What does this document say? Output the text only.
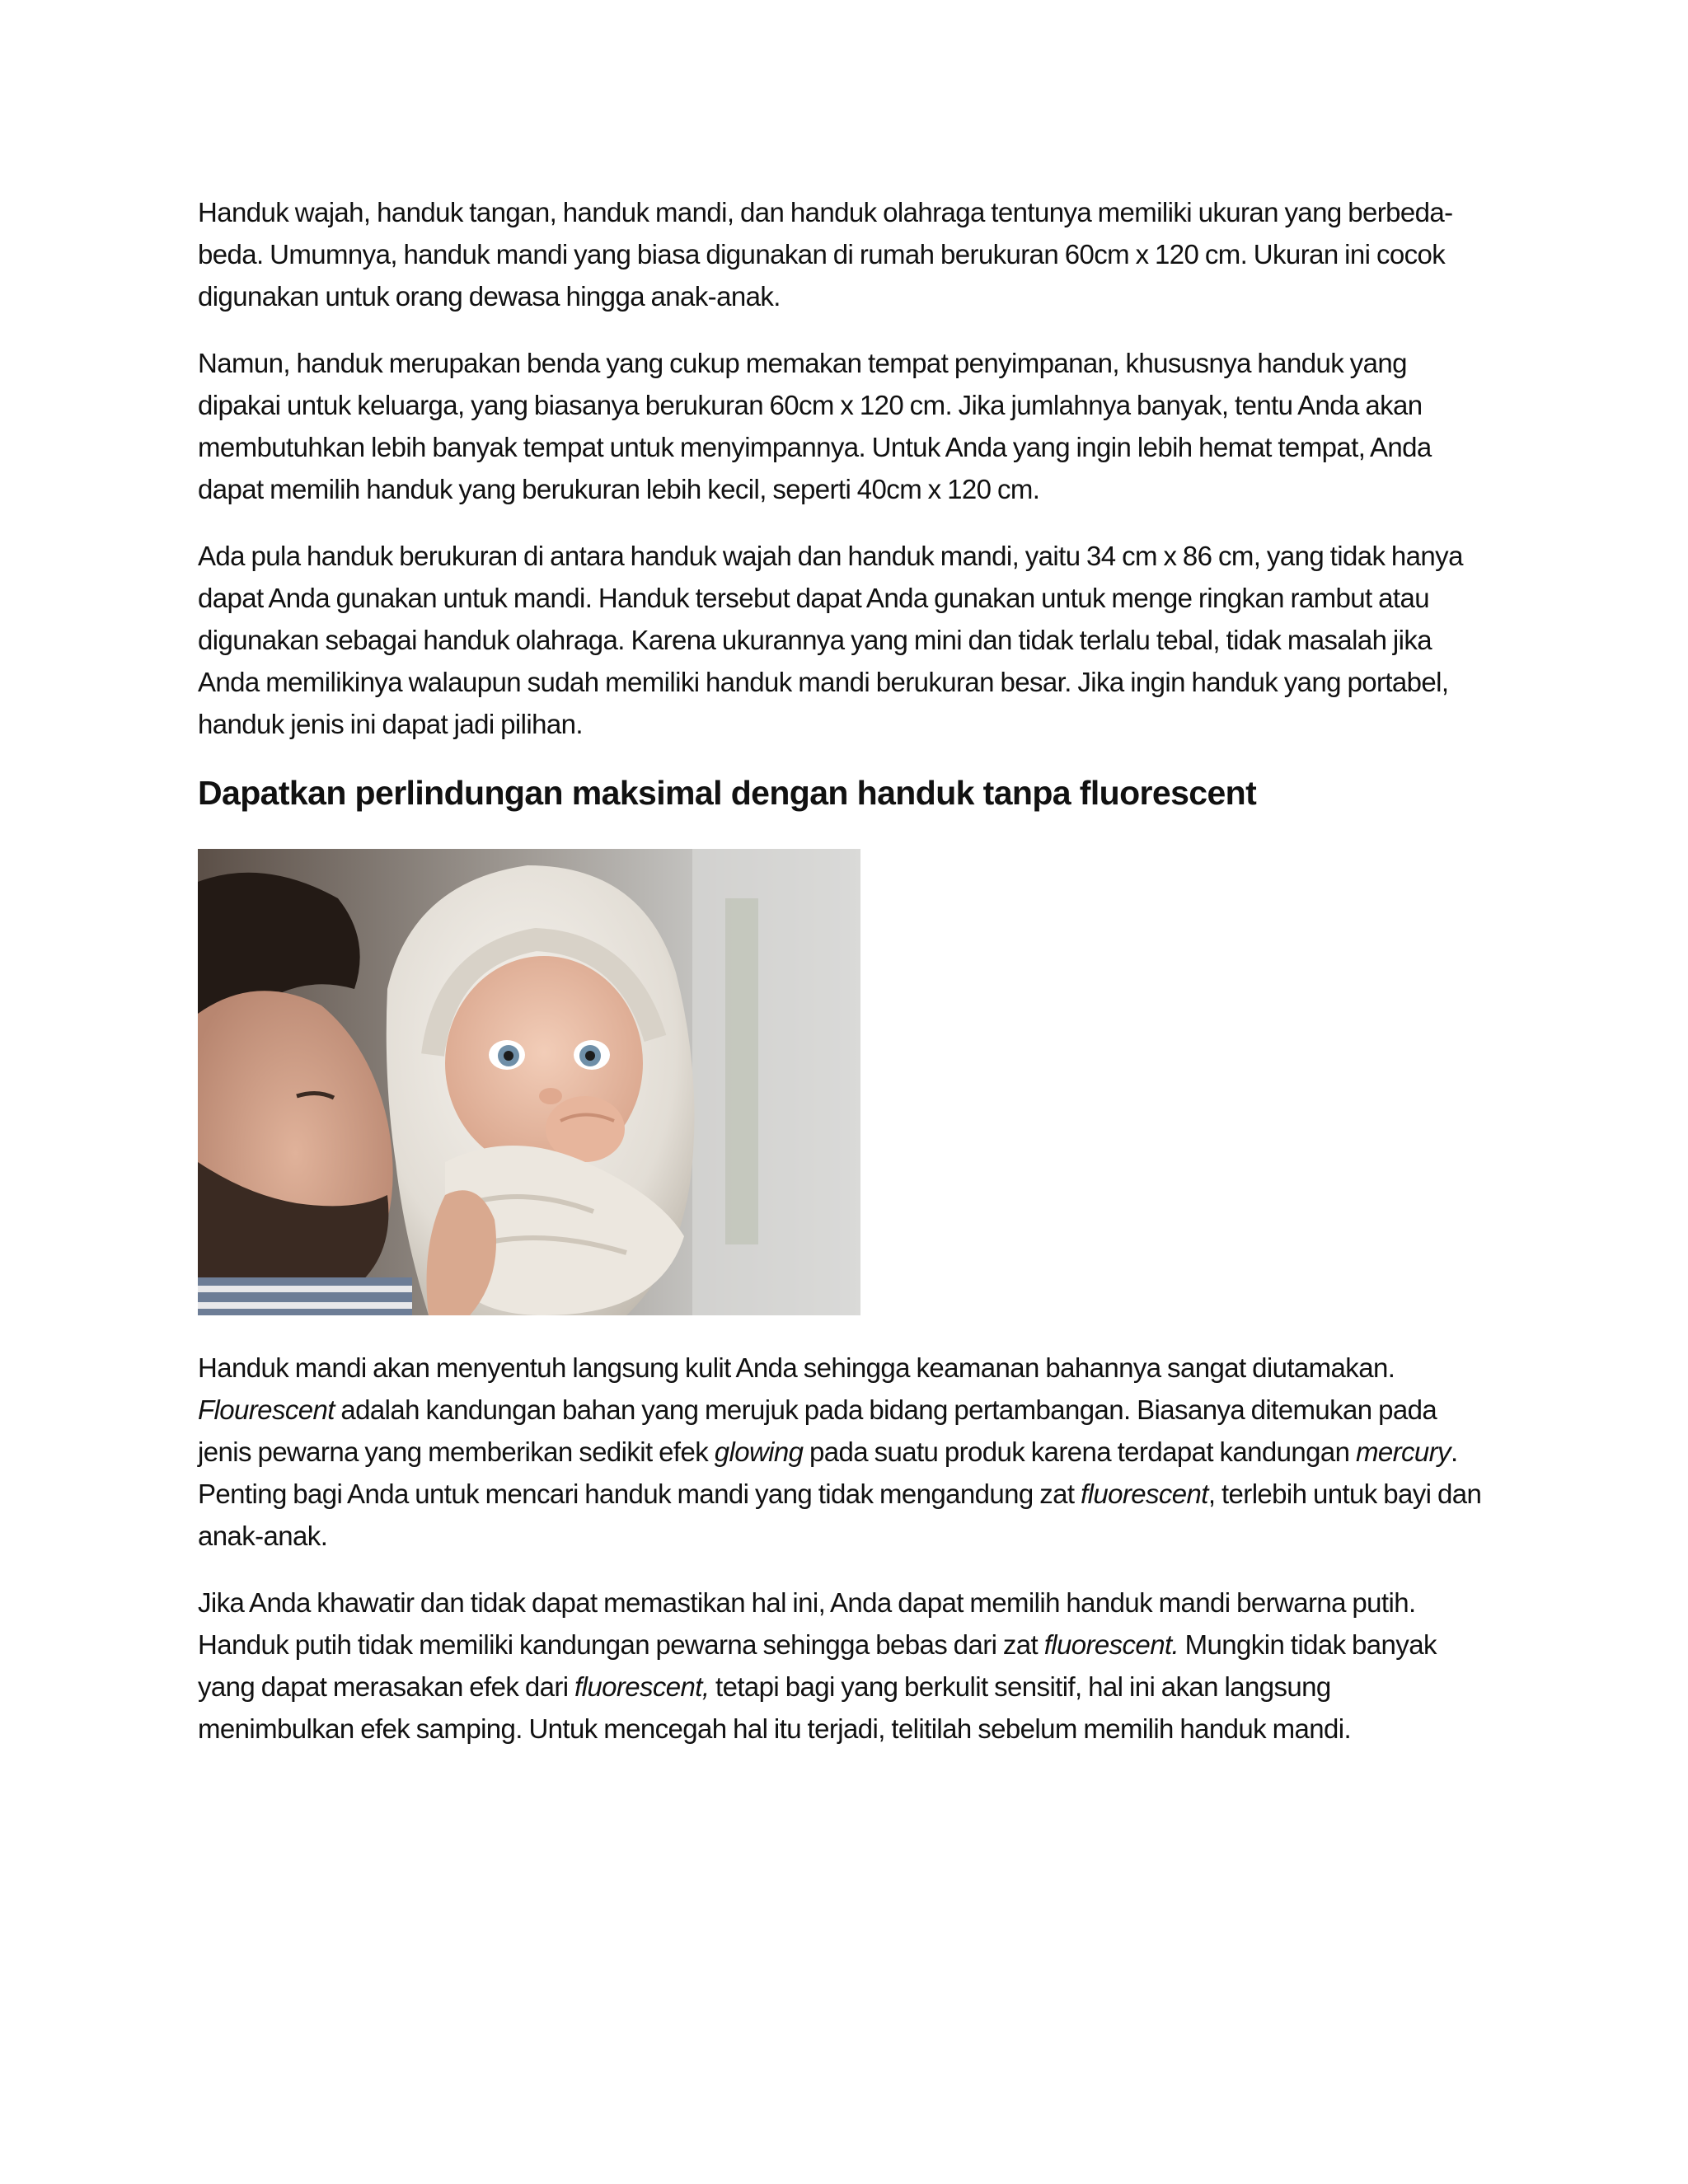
Handuk wajah, handuk tangan, handuk mandi, dan handuk olahraga tentunya memiliki ukuran yang berbeda-beda. Umumnya, handuk mandi yang biasa digunakan di rumah berukuran 60cm x 120 cm. Ukuran ini cocok digunakan untuk orang dewasa hingga anak-anak.

Namun, handuk merupakan benda yang cukup memakan tempat penyimpanan, khususnya handuk yang dipakai untuk keluarga, yang biasanya berukuran 60cm x 120 cm. Jika jumlahnya banyak, tentu Anda akan membutuhkan lebih banyak tempat untuk menyimpannya. Untuk Anda yang ingin lebih hemat tempat, Anda dapat memilih handuk yang berukuran lebih kecil, seperti 40cm x 120 cm.

Ada pula handuk berukuran di antara handuk wajah dan handuk mandi, yaitu 34 cm x 86 cm, yang tidak hanya dapat Anda gunakan untuk mandi. Handuk tersebut dapat Anda gunakan untuk menge ringkan rambut atau digunakan sebagai handuk olahraga. Karena ukurannya yang mini dan tidak terlalu tebal, tidak masalah jika Anda memilikinya walaupun sudah memiliki handuk mandi berukuran besar. Jika ingin handuk yang portabel, handuk jenis ini dapat jadi pilihan.

Dapatkan perlindungan maksimal dengan handuk tanpa fluorescent

Handuk mandi akan menyentuh langsung kulit Anda sehingga keamanan bahannya sangat diutamakan. Flourescent adalah kandungan bahan yang merujuk pada bidang pertambangan. Biasanya ditemukan pada jenis pewarna yang memberikan sedikit efek glowing pada suatu produk karena terdapat kandungan mercury. Penting bagi Anda untuk mencari handuk mandi yang tidak mengandung zat fluorescent, terlebih untuk bayi dan anak-anak.

Jika Anda khawatir dan tidak dapat memastikan hal ini, Anda dapat memilih handuk mandi berwarna putih. Handuk putih tidak memiliki kandungan pewarna sehingga bebas dari zat fluorescent. Mungkin tidak banyak yang dapat merasakan efek dari fluorescent, tetapi bagi yang berkulit sensitif, hal ini akan langsung menimbulkan efek samping. Untuk mencegah hal itu terjadi, telitilah sebelum memilih handuk mandi.
